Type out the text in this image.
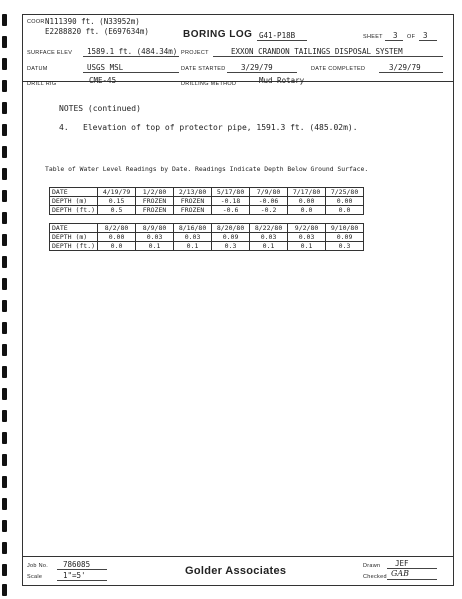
COOR.
N111390 ft. (N33952m)
E2288820 ft. (E697634m)	BORING LOG G41-P18B	SHEET 3 OF 3
SURFACE ELEV 1589.1 ft. (484.34m) PROJECT	EXXON CRANDON TAILINGS DISPOSAL SYSTEM
DATUM	USGS MSL	DATE STARTED 3/29/79	DATE COMPLETED	3/29/79
DRILL RIG	CME-45	DRILLING METHOD	Mud Rotary
NOTES (continued)
4. Elevation of top of protector pipe, 1591.3 ft. (485.02m).
Table of Water Level Readings by Date. Readings Indicate Depth Below Ground Surface.
DATE	4/19/79	1/2/80	2/13/80	5/17/80	7/9/80	7/17/80	7/25/80
DEPTH (m)	0.15	FROZEN	FROZEN	-0.18	-0.06	0.00	0.00
DEPTH (ft.)	0.5	FROZEN	FROZEN	-0.6	-0.2	0.0	0.0
DATE	8/2/80	8/9/80	8/16/80	8/20/80	8/22/80	9/2/80	9/10/80
DEPTH (m)	0.00	0.03	0.03	0.09	0.03	0.03	0.09
DEPTH (ft.)	0.0	0.1	0.1	0.3	0.1	0.1	0.3
Job No. 786085
Scale	1"=5'	Golder Associates	Drawn JEF
Checked GAB
